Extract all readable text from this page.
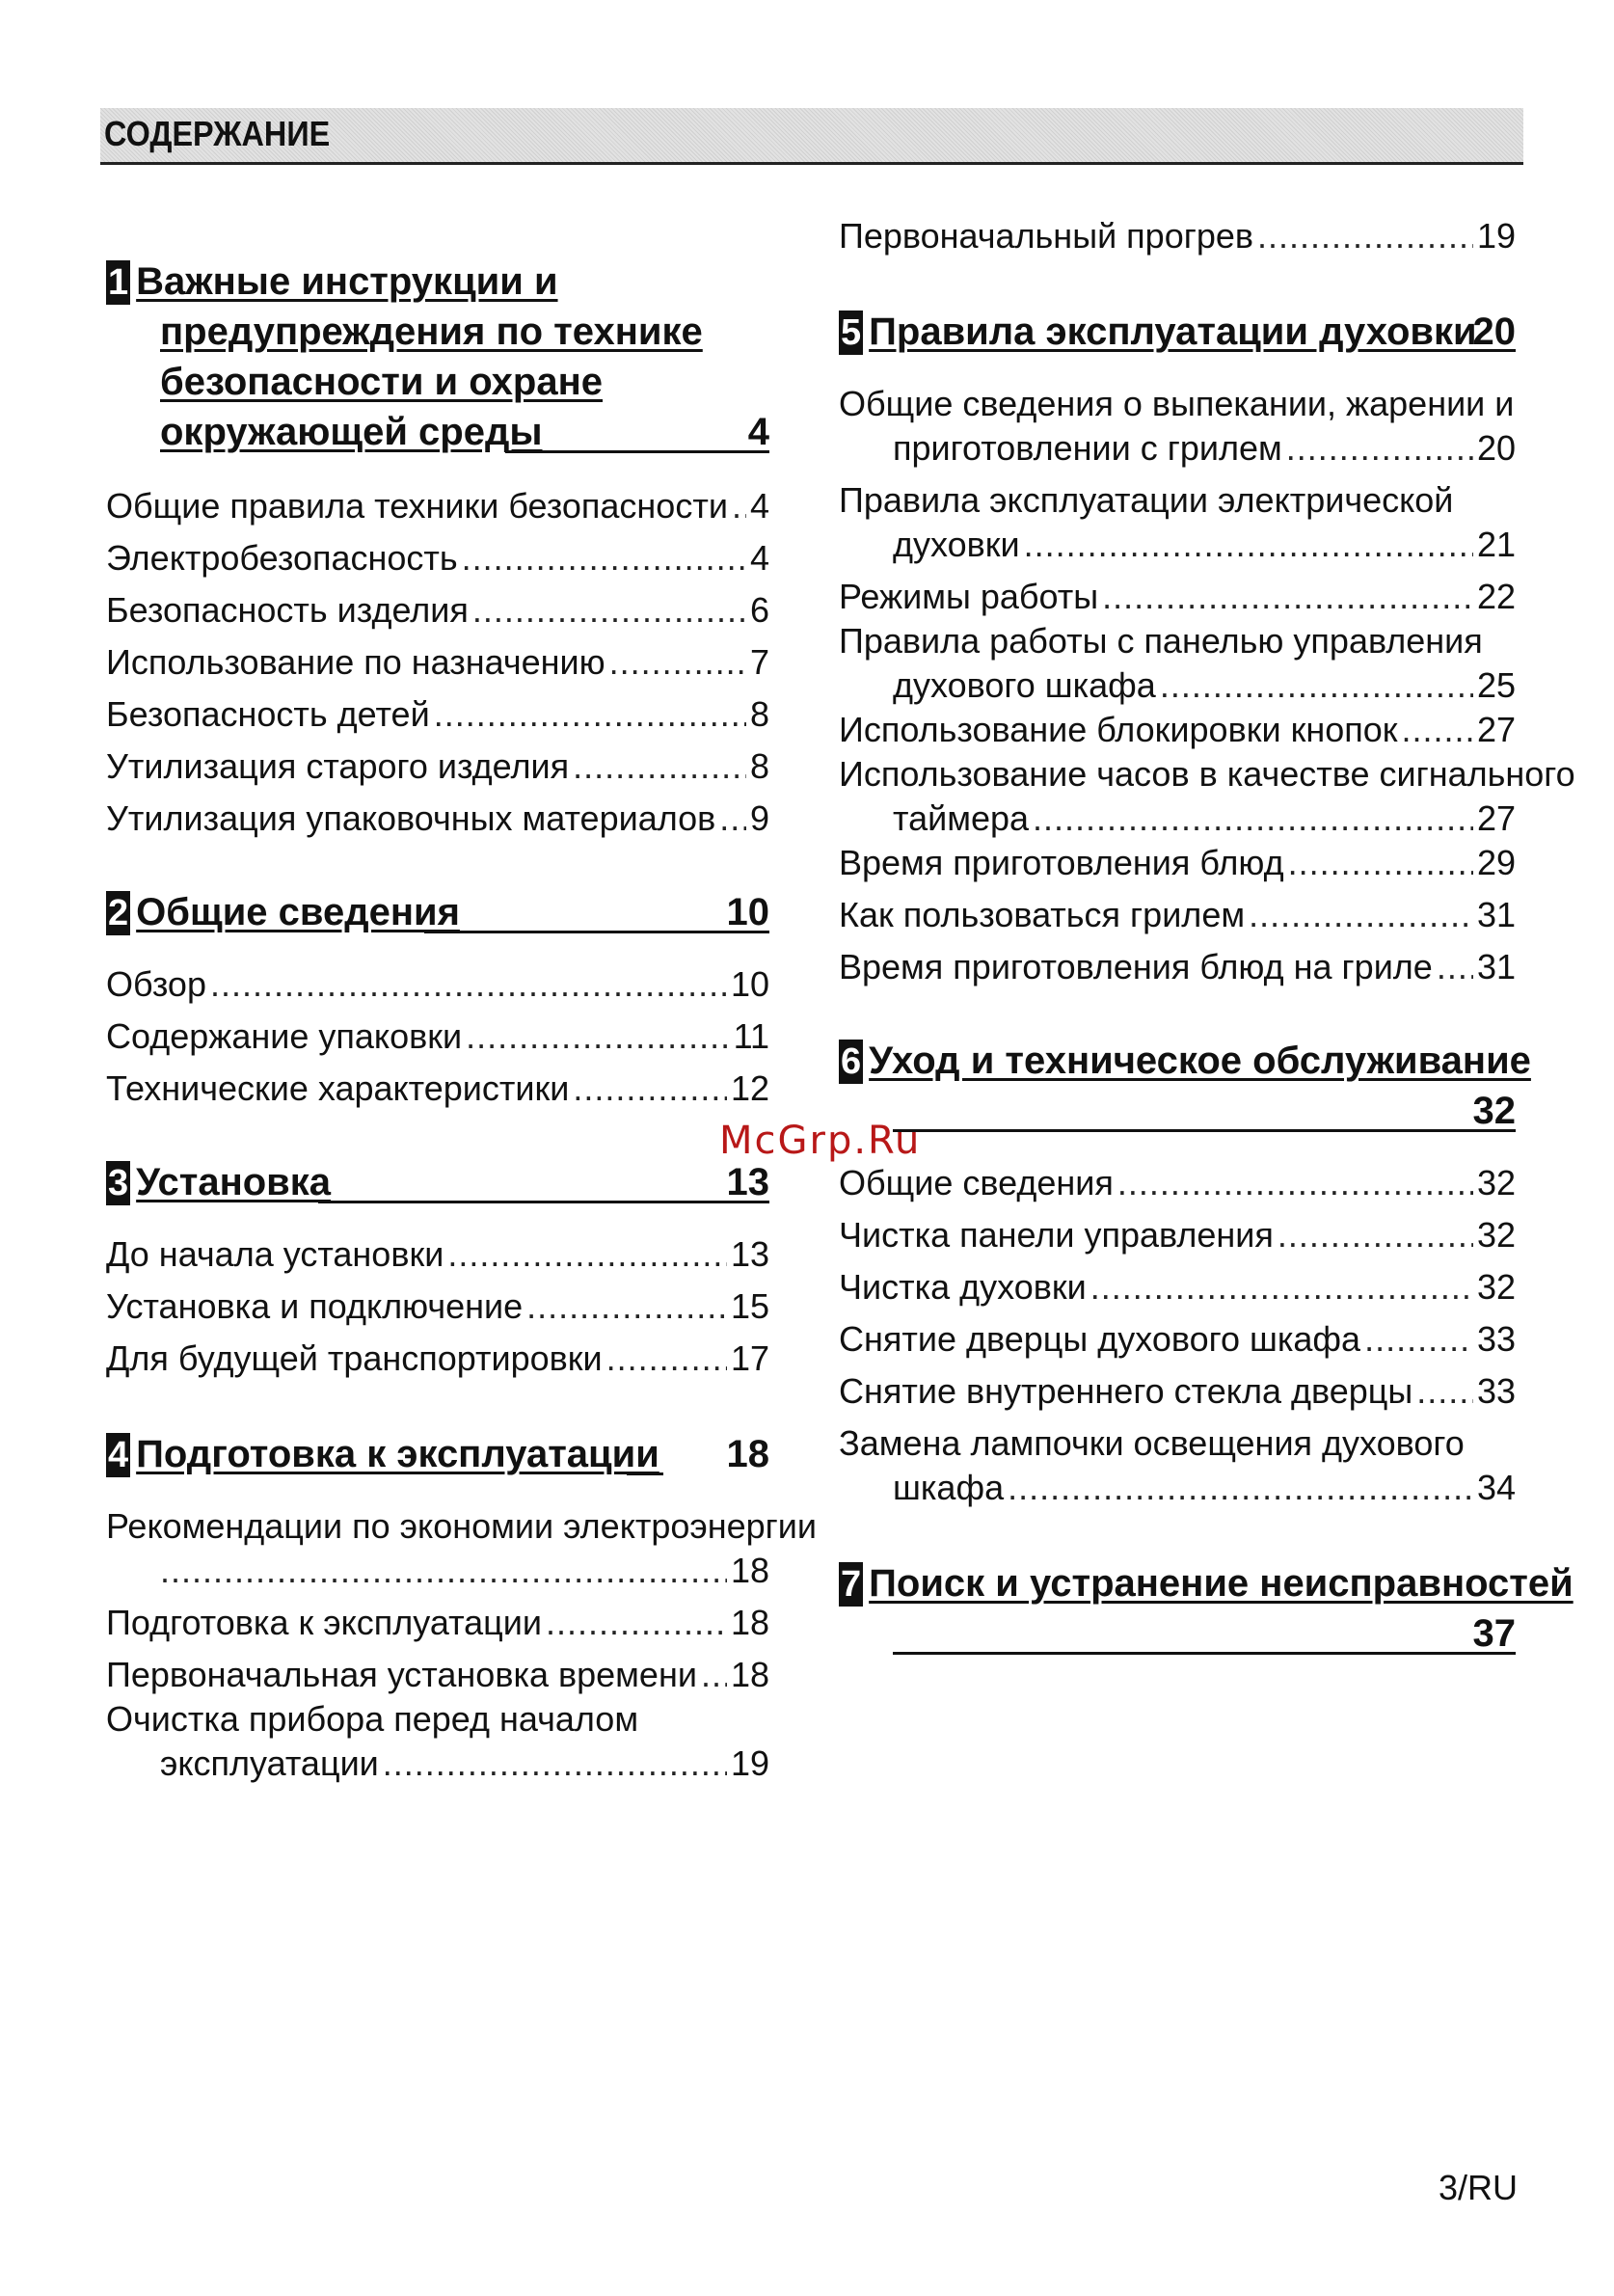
СОДЕРЖАНИЕ
1 Важные инструкции и
предупреждения по технике
безопасности и охране
окружающей среды	4
Общие правила техники безопасности ..... 4
Электробезопасность .....	4
Безопасность изделия .....	6
Использование по назначению .....	7
Безопасность детей .....	8
Утилизация старого изделия .....	8
Утилизация упаковочных материалов ..... 9
2 Общие сведения	10
Обзор .....	10
Содержание упаковки .....	11
Технические характеристики .....	12
3 Установка	13
До начала установки .....	13
Установка и подключение .....	15
Для будущей транспортировки .....	17
4 Подготовка к эксплуатации 18
Рекомендации по экономии электроэнергии
.....
18
Подготовка к эксплуатации .....	18
Первоначальная установка времени ..... 18
Очистка прибора перед началом
эксплуатации .....	19
Первоначальный прогрев .....	19
5 Правила эксплуатации духовки
20
Общие сведения о выпекании, жарении и
приготовлении с грилем .....	20
Правила эксплуатации электрической
духовки .....	21
Режимы работы .....	22
Правила работы с панелью управления
духового шкафа .....	25
Использование блокировки кнопок ..... 27
Использование часов в качестве сигнального
таймера .....	27
Время приготовления блюд .....	29
Как пользоваться грилем .....	31
Время приготовления блюд на гриле ..... 31
6 Уход и техническое обслуживание
32
Общие сведения .....	32
Чистка панели управления .....	32
Чистка духовки .....	32
Снятие дверцы духового шкафа .....	33
Снятие внутреннего стекла дверцы ..... 33
Замена лампочки освещения духового
шкафа .....	34
7 Поиск и устранение неисправностей
37
McGrp.Ru
3/RU
